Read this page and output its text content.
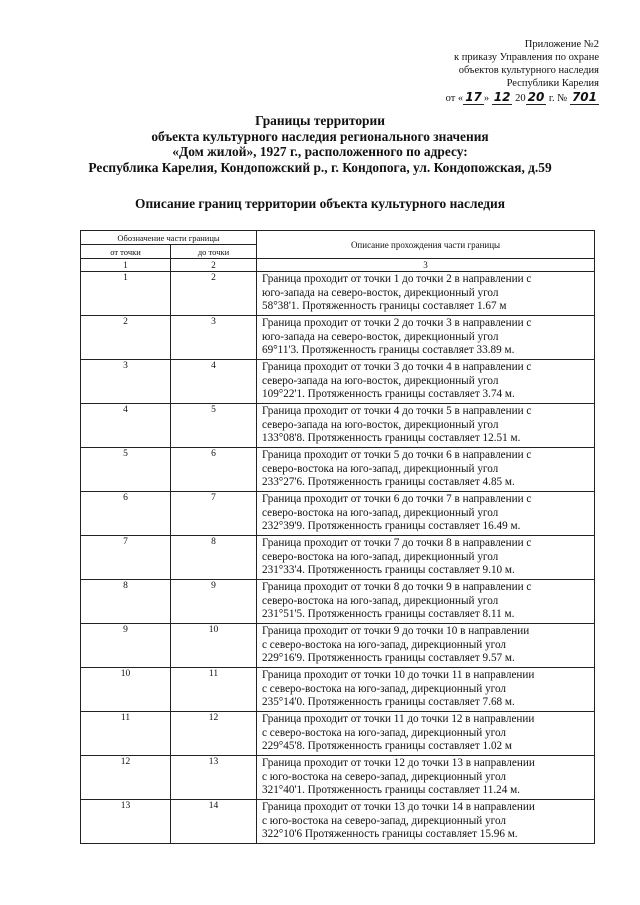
Приложение №2
к приказу Управления по охране
объектов культурного наследия
Республики Карелия
от « 17 » 12 20 20 г. № 701
Границы территории
объекта культурного наследия регионального значения
«Дом жилой», 1927 г., расположенного по адресу:
Республика Карелия, Кондопожский р., г. Кондопога, ул. Кондопожская, д.59
Описание границ территории объекта культурного наследия
Обозначение части границы		Описание прохождения части границы
от точки	до точки	
1	2	3
1	2	Граница проходит от точки 1 до точки 2 в направлении с
юго-запада на северо-восток, дирекционный угол
58°38'1. Протяженность границы составляет 1.67 м

2	3	Граница проходит от точки 2 до точки 3 в направлении с
юго-запада на северо-восток, дирекционный угол
69°11'3. Протяженность границы составляет 33.89 м.

3	4	Граница проходит от точки 3 до точки 4 в направлении с
северо-запада на юго-восток, дирекционный угол
109°22'1. Протяженность границы составляет 3.74 м.

4	5	Граница проходит от точки 4 до точки 5 в направлении с
северо-запада на юго-восток, дирекционный угол
133°08'8. Протяженность границы составляет 12.51 м.

5	6	Граница проходит от точки 5 до точки 6 в направлении с
северо-востока на юго-запад, дирекционный угол
233°27'6. Протяженность границы составляет 4.85 м.

6	7	Граница проходит от точки 6 до точки 7 в направлении с
северо-востока на юго-запад, дирекционный угол
232°39'9. Протяженность границы составляет 16.49 м.

7	8	Граница проходит от точки 7 до точки 8 в направлении с
северо-востока на юго-запад, дирекционный угол
231°33'4. Протяженность границы составляет 9.10 м.

8	9	Граница проходит от точки 8 до точки 9 в направлении с
северо-востока на юго-запад, дирекционный угол
231°51'5. Протяженность границы составляет 8.11 м.

9	10	Граница проходит от точки 9 до точки 10 в направлении
с северо-востока на юго-запад, дирекционный угол
229°16'9. Протяженность границы составляет 9.57 м.

10	11	Граница проходит от точки 10 до точки 11 в направлении
с северо-востока на юго-запад, дирекционный угол
235°14'0. Протяженность границы составляет 7.68 м.

11	12	Граница проходит от точки 11 до точки 12 в направлении
с северо-востока на юго-запад, дирекционный угол
229°45'8. Протяженность границы составляет 1.02 м

12	13	Граница проходит от точки 12 до точки 13 в направлении
с юго-востока на северо-запад, дирекционный угол
321°40'1. Протяженность границы составляет 11.24 м.

13	14	Граница проходит от точки 13 до точки 14 в направлении
с юго-востока на северо-запад, дирекционный угол
322°10'6 Протяженность границы составляет 15.96 м.
